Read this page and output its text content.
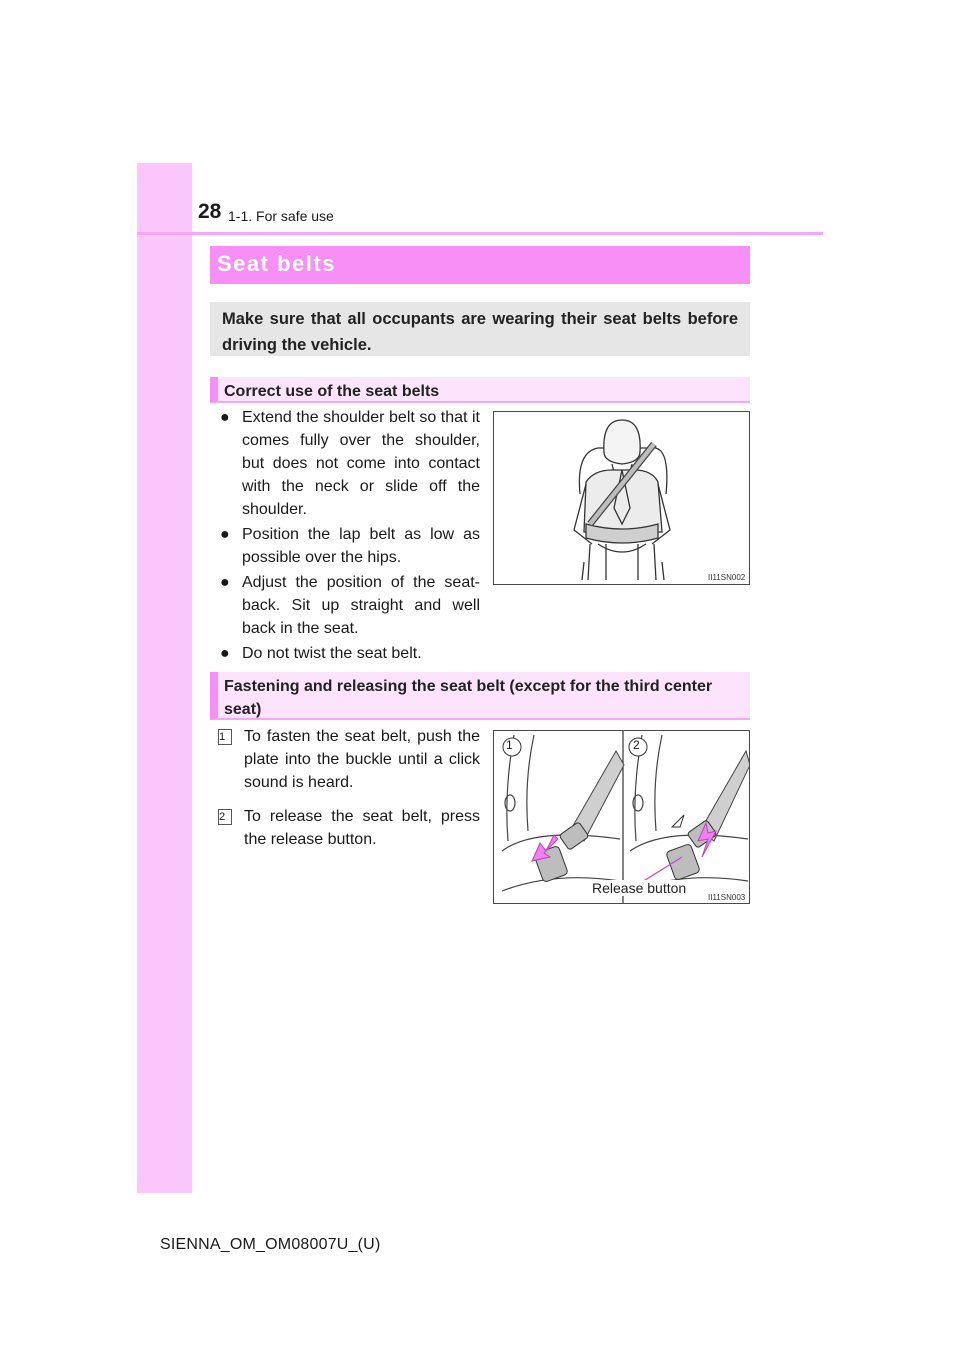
28 1-1. For safe use
Seat belts
Make sure that all occupants are wearing their seat belts before driving the vehicle.
Correct use of the seat belts
● Extend the shoulder belt so that it comes fully over the shoulder, but does not come into contact with the neck or slide off the shoulder.
● Position the lap belt as low as possible over the hips.
● Adjust the position of the seat-back. Sit up straight and well back in the seat.
● Do not twist the seat belt.
II11SN002
Fastening and releasing the seat belt (except for the third center seat)
1	To fasten the seat belt, push the plate into the buckle until a click sound is heard.
2	To release the seat belt, press the release button.
1	2
Release button
II11SN003
SIENNA_OM_OM08007U_(U)
